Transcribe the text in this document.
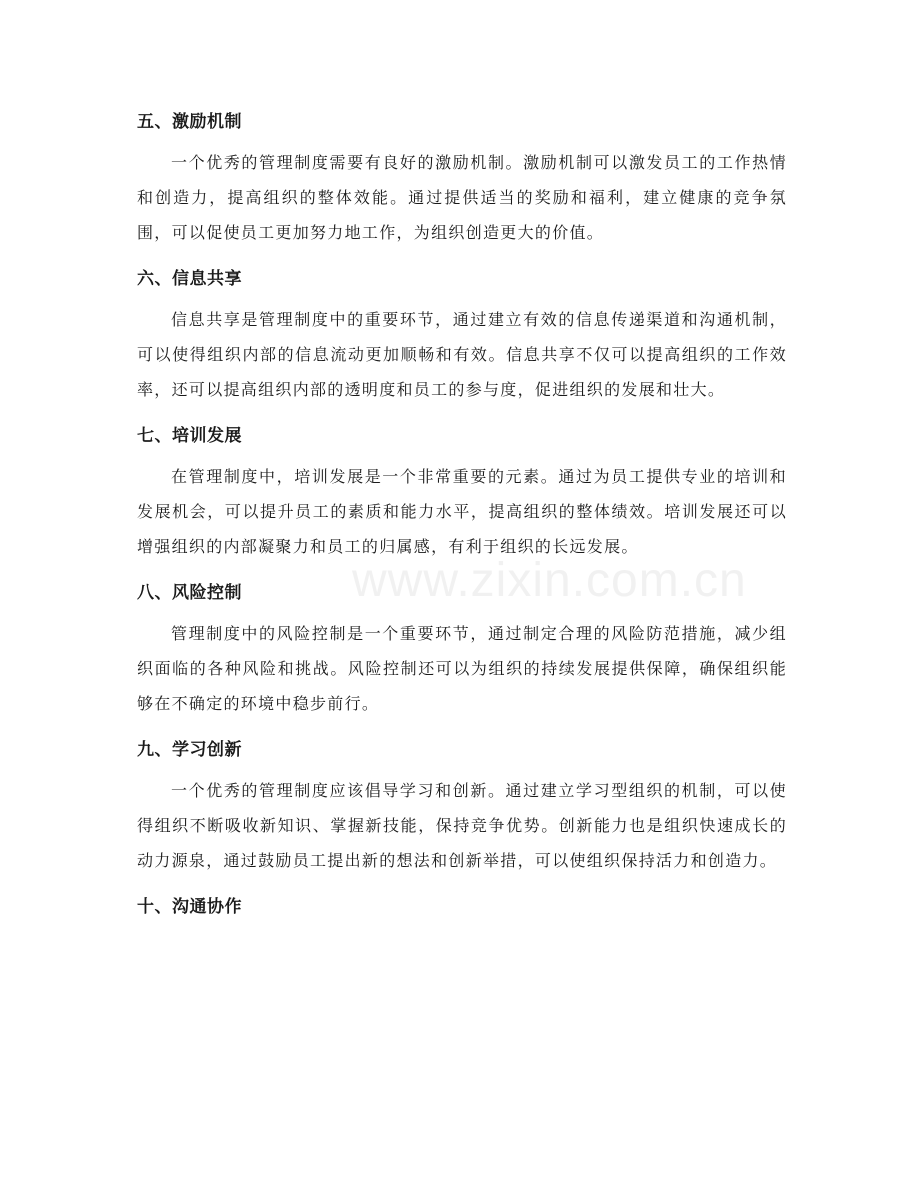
五、激励机制

一个优秀的管理制度需要有良好的激励机制。激励机制可以激发员工的工作热情和创造力，提高组织的整体效能。通过提供适当的奖励和福利，建立健康的竞争氛围，可以促使员工更加努力地工作，为组织创造更大的价值。

六、信息共享

信息共享是管理制度中的重要环节，通过建立有效的信息传递渠道和沟通机制，可以使得组织内部的信息流动更加顺畅和有效。信息共享不仅可以提高组织的工作效率，还可以提高组织内部的透明度和员工的参与度，促进组织的发展和壮大。

七、培训发展

在管理制度中，培训发展是一个非常重要的元素。通过为员工提供专业的培训和发展机会，可以提升员工的素质和能力水平，提高组织的整体绩效。培训发展还可以增强组织的内部凝聚力和员工的归属感，有利于组织的长远发展。

八、风险控制

管理制度中的风险控制是一个重要环节，通过制定合理的风险防范措施，减少组织面临的各种风险和挑战。风险控制还可以为组织的持续发展提供保障，确保组织能够在不确定的环境中稳步前行。

九、学习创新

一个优秀的管理制度应该倡导学习和创新。通过建立学习型组织的机制，可以使得组织不断吸收新知识、掌握新技能，保持竞争优势。创新能力也是组织快速成长的动力源泉，通过鼓励员工提出新的想法和创新举措，可以使组织保持活力和创造力。

十、沟通协作
www.zixin.com.cn
